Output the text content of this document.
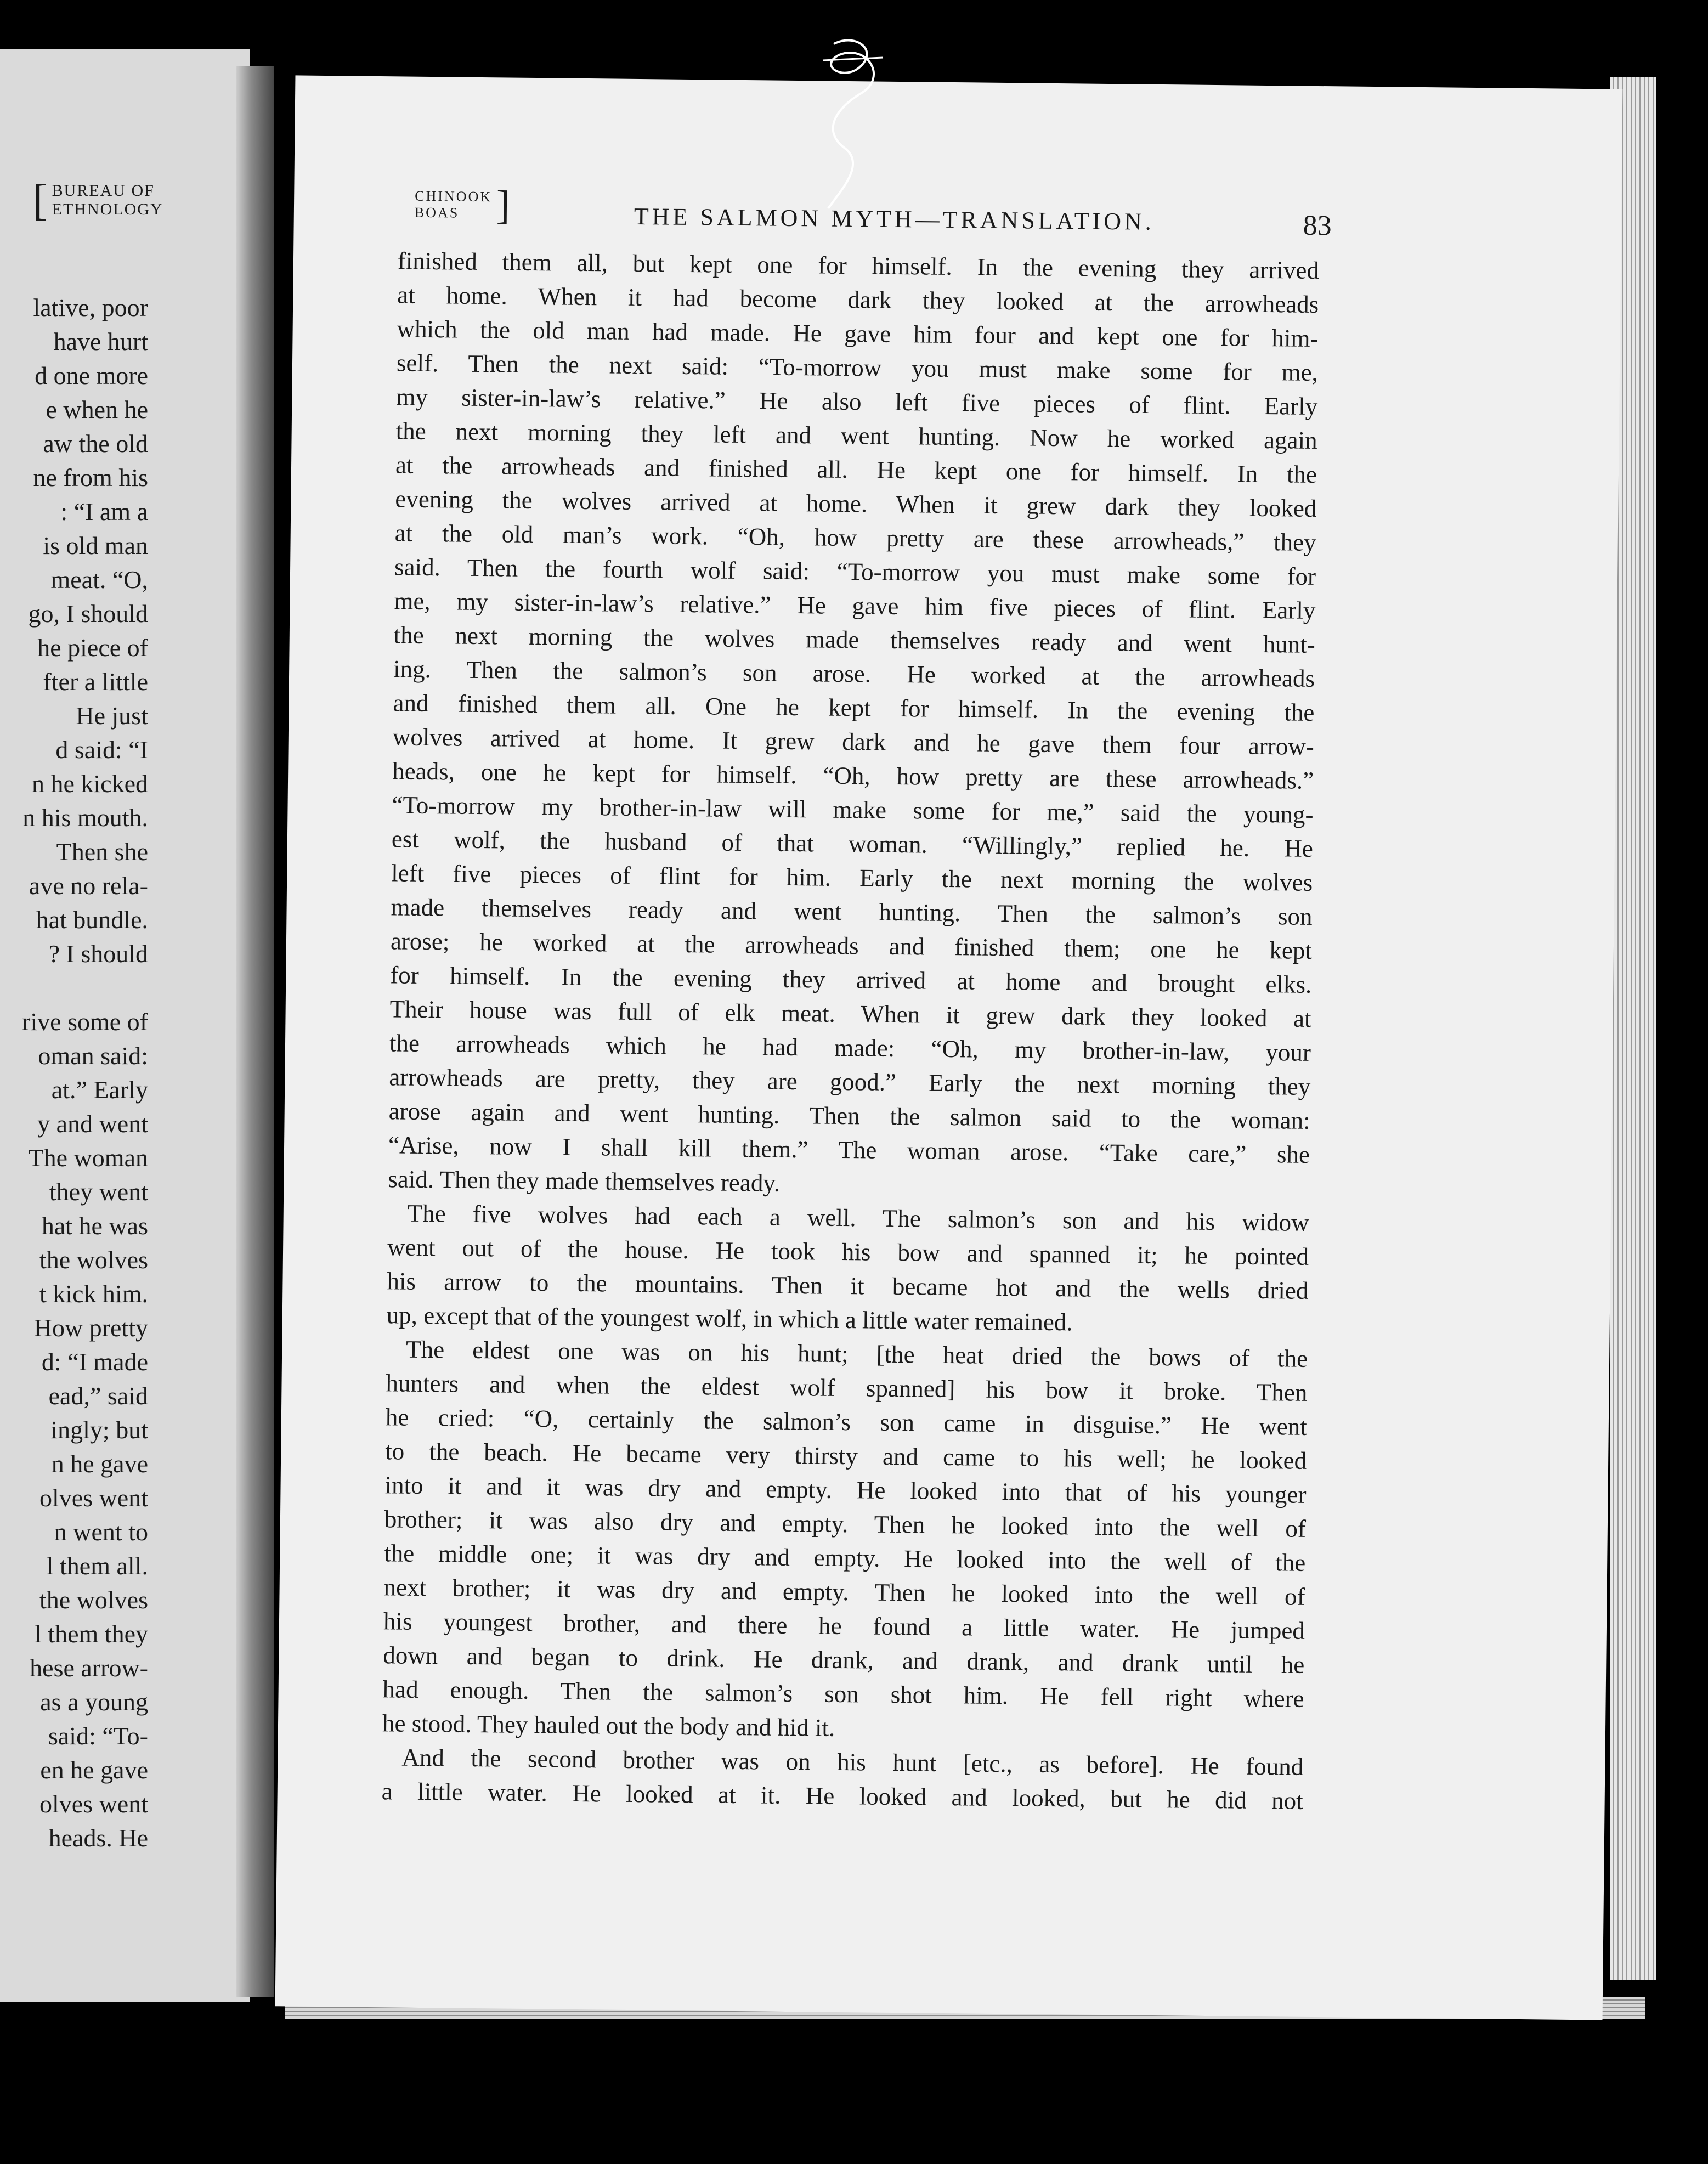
[ BUREAU OF
ETHNOLOGY
lative, poor
have hurt
d one more
e when he
aw the old
ne from his
: “I am a
is old man
meat. “O,
go, I should
he piece of
fter a little
He just
d said: “I
n he kicked
n his mouth.
Then she
ave no rela-
hat bundle.
? I should
rive some of
oman said:
at.” Early
y and went
The woman
they went
hat he was
the wolves
t kick him.
How pretty
d: “I made
ead,” said
ingly; but
n he gave
olves went
n went to
l them all.
the wolves
l them they
hese arrow-
as a young
said: “To-
en he gave
olves went
heads. He
CHINOOK
BOAS ]	THE SALMON MYTH—TRANSLATION.	83
finished them all, but kept one for himself. In the evening they arrived
at home. When it had become dark they looked at the arrowheads
which the old man had made. He gave him four and kept one for him-
self. Then the next said: “To-morrow you must make some for me,
my sister-in-law’s relative.” He also left five pieces of flint. Early
the next morning they left and went hunting. Now he worked again
at the arrowheads and finished all. He kept one for himself. In the
evening the wolves arrived at home. When it grew dark they looked
at the old man’s work. “Oh, how pretty are these arrowheads,” they
said. Then the fourth wolf said: “To-morrow you must make some for
me, my sister-in-law’s relative.” He gave him five pieces of flint. Early
the next morning the wolves made themselves ready and went hunt-
ing. Then the salmon’s son arose. He worked at the arrowheads
and finished them all. One he kept for himself. In the evening the
wolves arrived at home. It grew dark and he gave them four arrow-
heads, one he kept for himself. “Oh, how pretty are these arrowheads.”
“To-morrow my brother-in-law will make some for me,” said the young-
est wolf, the husband of that woman. “Willingly,” replied he. He
left five pieces of flint for him. Early the next morning the wolves
made themselves ready and went hunting. Then the salmon’s son
arose; he worked at the arrowheads and finished them; one he kept
for himself. In the evening they arrived at home and brought elks.
Their house was full of elk meat. When it grew dark they looked at
the arrowheads which he had made: “Oh, my brother-in-law, your
arrowheads are pretty, they are good.” Early the next morning they
arose again and went hunting. Then the salmon said to the woman:
“Arise, now I shall kill them.” The woman arose. “Take care,” she
said. Then they made themselves ready.
The five wolves had each a well. The salmon’s son and his widow
went out of the house. He took his bow and spanned it; he pointed
his arrow to the mountains. Then it became hot and the wells dried
up, except that of the youngest wolf, in which a little water remained.
The eldest one was on his hunt; [the heat dried the bows of the
hunters and when the eldest wolf spanned] his bow it broke. Then
he cried: “O, certainly the salmon’s son came in disguise.” He went
to the beach. He became very thirsty and came to his well; he looked
into it and it was dry and empty. He looked into that of his younger
brother; it was also dry and empty. Then he looked into the well of
the middle one; it was dry and empty. He looked into the well of the
next brother; it was dry and empty. Then he looked into the well of
his youngest brother, and there he found a little water. He jumped
down and began to drink. He drank, and drank, and drank until he
had enough. Then the salmon’s son shot him. He fell right where
he stood. They hauled out the body and hid it.
And the second brother was on his hunt [etc., as before]. He found
a little water. He looked at it. He looked and looked, but he did not
